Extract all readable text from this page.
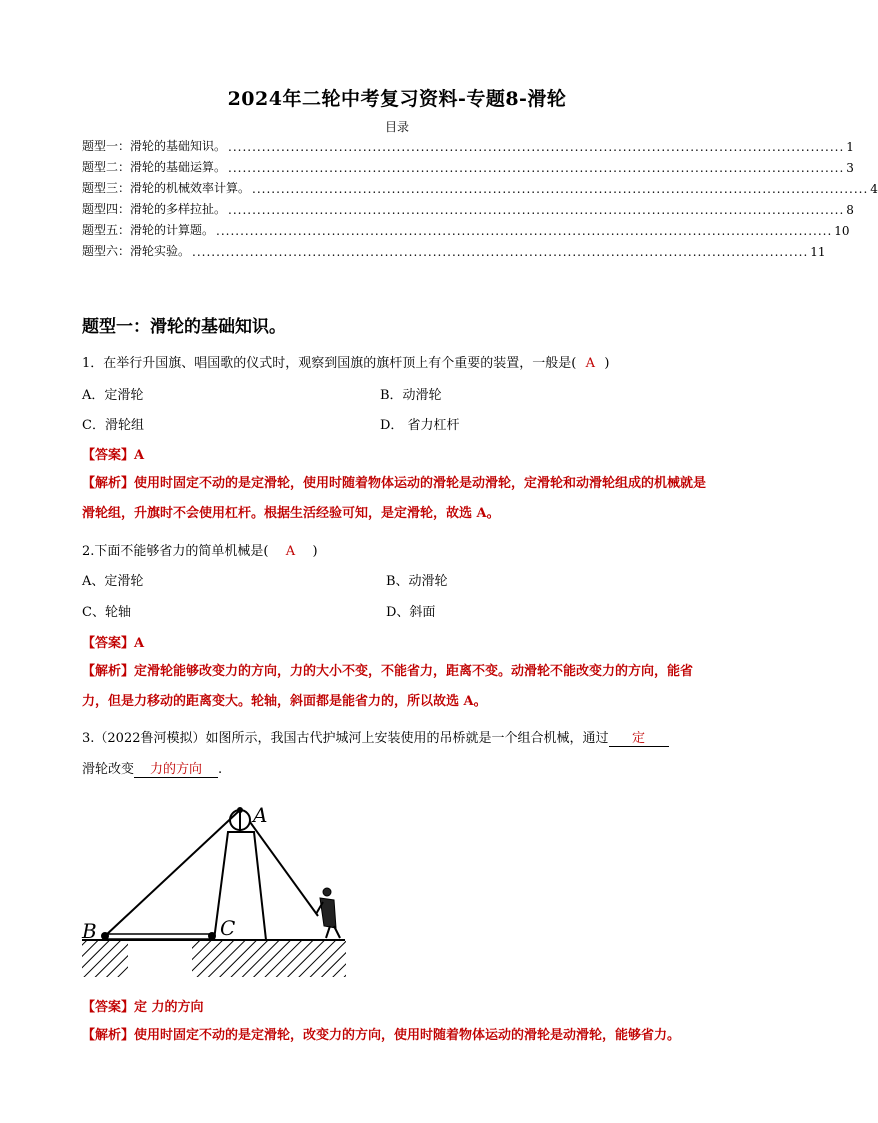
2024年二轮中考复习资料-专题8-滑轮
目录
题型一：滑轮的基础知识。 ................................................................................................................................ 1
题型二：滑轮的基础运算。 ................................................................................................................................ 3
题型三：滑轮的机械效率计算。 ................................................................................................................................ 4
题型四：滑轮的多样拉扯。 ................................................................................................................................ 8
题型五：滑轮的计算题。 ................................................................................................................................ 10
题型六：滑轮实验。 ................................................................................................................................ 11
题型一：滑轮的基础知识。
1．在举行升国旗、唱国歌的仪式时，观察到国旗的旗杆顶上有个重要的装置，一般是( A )
A．定滑轮	B．动滑轮
C．滑轮组	D． 省力杠杆
【答案】A
【解析】使用时固定不动的是定滑轮，使用时随着物体运动的滑轮是动滑轮，定滑轮和动滑轮组成的机械就是滑轮组，升旗时不会使用杠杆。根据生活经验可知，是定滑轮，故选 A。
2.下面不能够省力的简单机械是( A )
A、定滑轮	B、动滑轮
C、轮轴	D、斜面
【答案】A
【解析】定滑轮能够改变力的方向，力的大小不变，不能省力，距离不变。动滑轮不能改变力的方向，能省力，但是力移动的距离变大。轮轴，斜面都是能省力的，所以故选 A。
3.（2022鲁河模拟）如图所示，我国古代护城河上安装使用的吊桥就是一个组合机械，通过 定
滑轮改变 力的方向 .
A
B	C
【答案】定 力的方向
【解析】使用时固定不动的是定滑轮，改变力的方向，使用时随着物体运动的滑轮是动滑轮，能够省力。
